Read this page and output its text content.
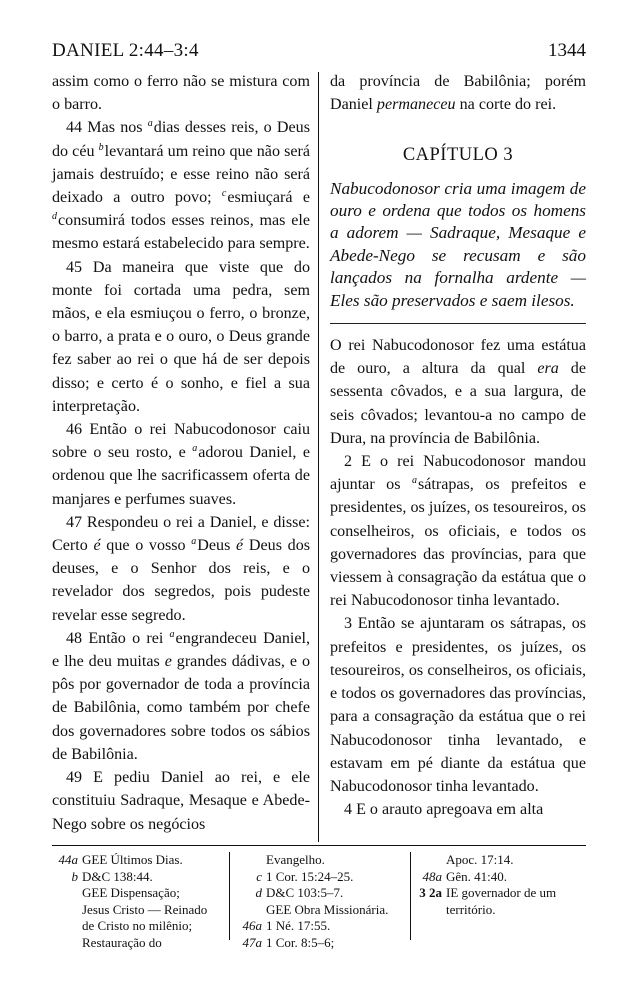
DANIEL 2:44–3:4	1344

assim como o ferro não se mistura com o barro.

44 Mas nos $^a$dias desses reis, o Deus do céu $^b$levantará um reino que não será jamais destruído; e esse reino não será deixado a outro povo; $^c$esmiuçará e $^d$consumirá todos esses reinos, mas ele mesmo estará estabelecido para sempre.

45 Da maneira que viste que do monte foi cortada uma pedra, sem mãos, e ela esmiuçou o ferro, o bronze, o barro, a prata e o ouro, o Deus grande fez saber ao rei o que há de ser depois disso; e certo é o sonho, e fiel a sua interpretação.

46 Então o rei Nabucodonosor caiu sobre o seu rosto, e $^a$adorou Daniel, e ordenou que lhe sacrificassem oferta de manjares e perfumes suaves.

47 Respondeu o rei a Daniel, e disse: Certo é que o vosso $^a$Deus é Deus dos deuses, e o Senhor dos reis, e o revelador dos segredos, pois pudeste revelar esse segredo.

48 Então o rei $^a$engrandeceu Daniel, e lhe deu muitas e grandes dádivas, e o pôs por governador de toda a província de Babilônia, como também por chefe dos governadores sobre todos os sábios de Babilônia.

49 E pediu Daniel ao rei, e ele constituiu Sadraque, Mesaque e Abede-Nego sobre os negócios

da província de Babilônia; porém Daniel permaneceu na corte do rei.

CAPÍTULO 3

Nabucodonosor cria uma imagem de ouro e ordena que todos os homens a adorem — Sadraque, Mesaque e Abede-Nego se recusam e são lançados na fornalha ardente — Eles são preservados e saem ilesos.

O rei Nabucodonosor fez uma estátua de ouro, a altura da qual era de sessenta côvados, e a sua largura, de seis côvados; levantou-a no campo de Dura, na província de Babilônia.

2 E o rei Nabucodonosor mandou ajuntar os $^a$sátrapas, os prefeitos e presidentes, os juízes, os tesoureiros, os conselheiros, os oficiais, e todos os governadores das províncias, para que viessem à consagração da estátua que o rei Nabucodonosor tinha levantado.

3 Então se ajuntaram os sátrapas, os prefeitos e presidentes, os juízes, os tesoureiros, os conselheiros, os oficiais, e todos os governadores das províncias, para a consagração da estátua que o rei Nabucodonosor tinha levantado, e estavam em pé diante da estátua que Nabucodonosor tinha levantado.

4 E o arauto apregoava em alta

44a GEE Últimos Dias.
b D&C 138:44.
GEE Dispensação;
Jesus Cristo — Reinado
de Cristo no milênio;
Restauração do
Evangelho.
c 1 Cor. 15:24–25.
d D&C 103:5–7.
GEE Obra Missionária.
46a 1 Né. 17:55.
47a 1 Cor. 8:5–6;
Apoc. 17:14.
48a Gên. 41:40.
3 2a IE governador de um
território.
